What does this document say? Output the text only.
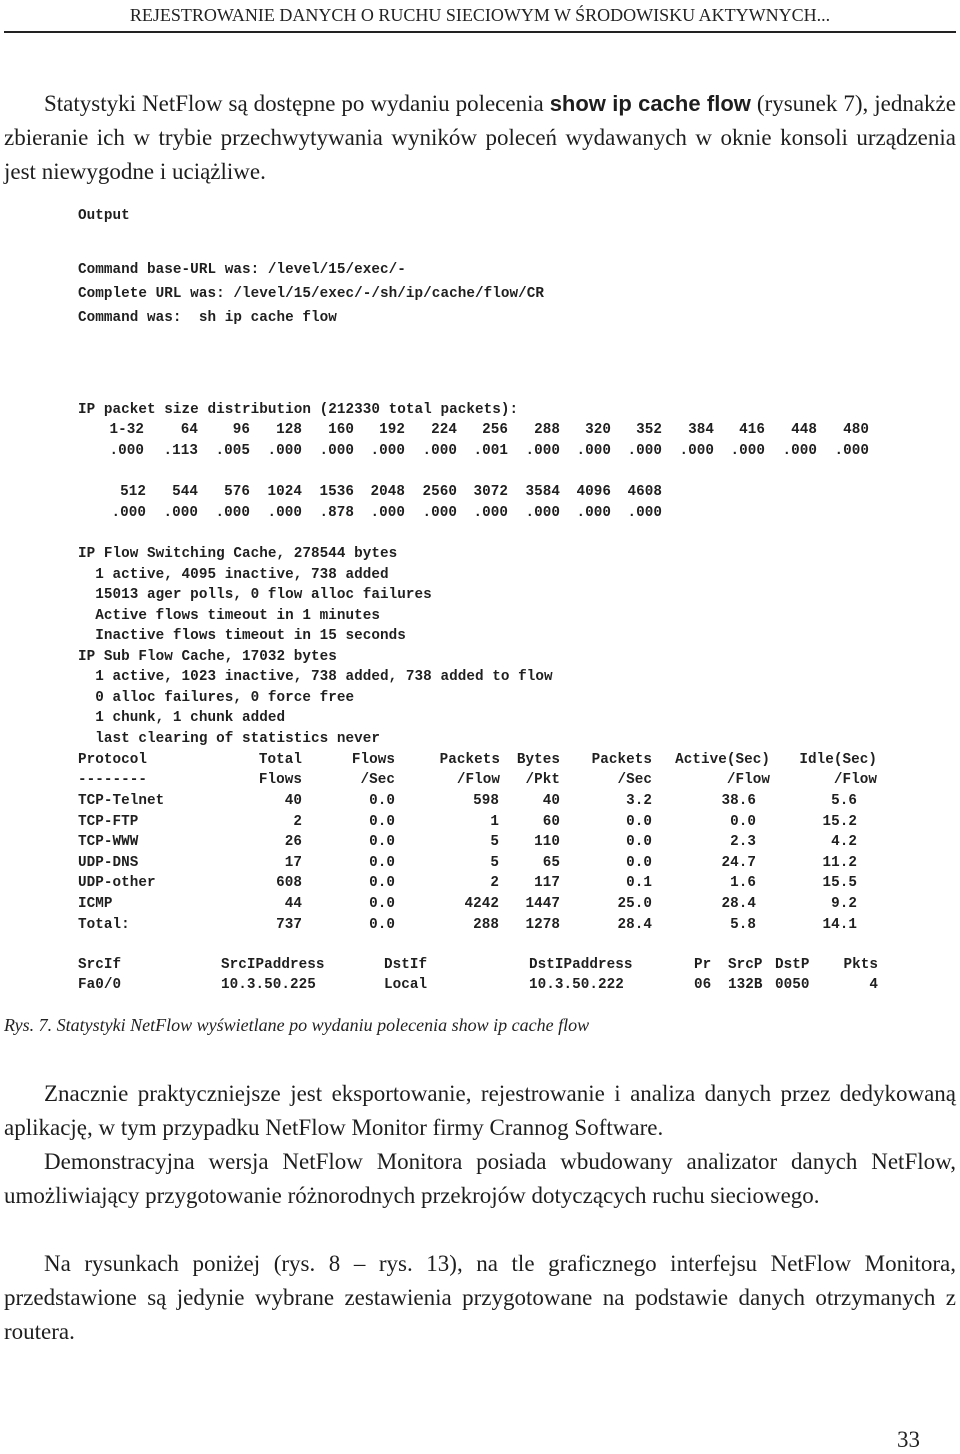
REJESTROWANIE DANYCH O RUCHU SIECIOWYM W ŚRODOWISKU AKTYWNYCH...

Statystyki NetFlow są dostępne po wydaniu polecenia show ip cache flow (rysunek 7), jednakże zbieranie ich w trybie przechwytywania wyników poleceń wydawanych w oknie konsoli urządzenia jest niewygodne i uciążliwe.

Output
Command base-URL was: /level/15/exec/-
Complete URL was: /level/15/exec/-/sh/ip/cache/flow/CR
Command was:  sh ip cache flow
IP packet size distribution (212330 total packets):
1-32	64 96 128 160 192 224 256 288 320 352 384 416 448 480
.000 .113 .005 .000 .000 .000 .000 .001 .000 .000 .000 .000 .000 .000 .000
512 544 576 1024 1536 2048 2560 3072 3584 4096 4608
.000 .000 .000 .000 .878 .000 .000 .000 .000 .000 .000
IP Flow Switching Cache, 278544 bytes
1 active, 4095 inactive, 738 added
15013 ager polls, 0 flow alloc failures
Active flows timeout in 1 minutes
Inactive flows timeout in 15 seconds
IP Sub Flow Cache, 17032 bytes
1 active, 1023 inactive, 738 added, 738 added to flow
0 alloc failures, 0 force free
1 chunk, 1 chunk added
last clearing of statistics never
Protocol	Total	Flows	Packets Bytes Packets Active(Sec) Idle(Sec)
--------	Flows	/Sec	/Flow /Pkt	/Sec	/Flow	/Flow
TCP-Telnet	40	0.0	598	40	3.2	38.6	5.6
TCP-FTP	2	0.0	1	60	0.0	0.0	15.2
TCP-WWW	26	0.0	5 110	0.0	2.3	4.2
UDP-DNS	17	0.0	5	65	0.0	24.7	11.2
UDP-other	608	0.0	2 117	0.1	1.6	15.5
ICMP	44	0.0	4242 1447	25.0	28.4	9.2
Total:	737	0.0	288 1278	28.4	5.8	14.1
SrcIf	SrcIPaddress	DstIf	DstIPaddress	Pr SrcP DstP Pkts
Fa0/0	10.3.50.225	Local	10.3.50.222	06 132B 0050	4
Rys. 7. Statystyki NetFlow wyświetlane po wydaniu polecenia show ip cache flow

Znacznie praktyczniejsze jest eksportowanie, rejestrowanie i analiza danych przez dedykowaną aplikację, w tym przypadku NetFlow Monitor firmy Crannog Software.

Demonstracyjna wersja NetFlow Monitora posiada wbudowany analizator danych NetFlow, umożliwiający przygotowanie różnorodnych przekrojów dotyczących ruchu sieciowego.

Na rysunkach poniżej (rys. 8 – rys. 13), na tle graficznego interfejsu NetFlow Monitora, przedstawione są jedynie wybrane zestawienia przygotowane na podstawie danych otrzymanych z routera.

33
